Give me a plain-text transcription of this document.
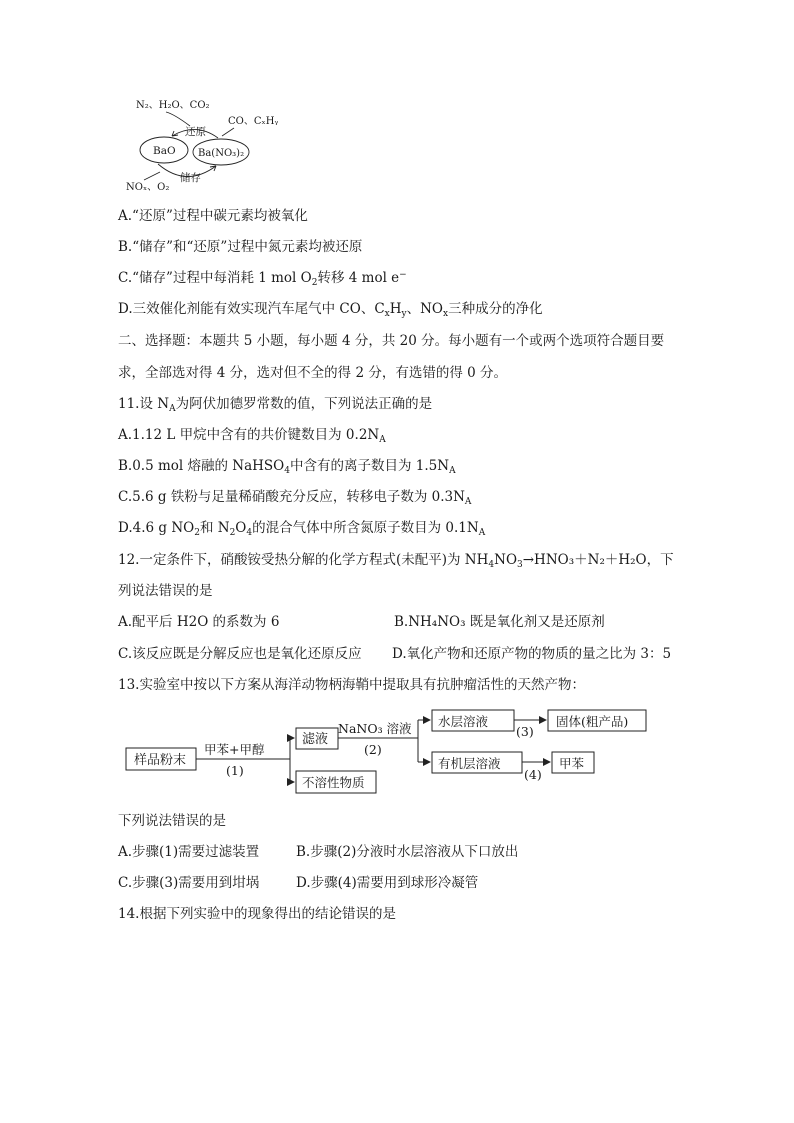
N₂、H₂O、CO₂
还原
CO、CₓHᵧ
BaO Ba(NO₃)₂
储存
NOₓ、O₂
A.“还原”过程中碳元素均被氧化
B.“储存”和“还原”过程中氮元素均被还原
C.“储存”过程中每消耗 1 mol $O_2$转移 4 mol e−
D.三效催化剂能有效实现汽车尾气中 CO、$C_xH_y$、$NO_x$三种成分的净化
二、选择题：本题共 5 小题，每小题 4 分，共 20 分。每小题有一个或两个选项符合题目要
求，全部选对得 4 分，选对但不全的得 2 分，有选错的得 0 分。
11.设 $N_A$为阿伏加德罗常数的值，下列说法正确的是
A.1.12 L 甲烷中含有的共价键数目为 $0.2N_A$
B.0.5 mol 熔融的 NaHSO$_4$中含有的离子数目为 $1.5N_A$
C.5.6 g 铁粉与足量稀硝酸充分反应，转移电子数为 $0.3N_A$
D.4.6 g $NO_2$和 $N_2O_4$的混合气体中所含氮原子数目为 $0.1N_A$
12.一定条件下，硝酸铵受热分解的化学方程式(未配平)为 $NH_4NO_3\to HNO_3+N_2+H_2O$，下
列说法错误的是
A.配平后 H2O 的系数为 6	B.NH₄NO₃ 既是氧化剂又是还原剂
C.该反应既是分解反应也是氧化还原反应 D.氧化产物和还原产物的物质的量之比为 3：5
13.实验室中按以下方案从海洋动物柄海鞘中提取具有抗肿瘤活性的天然产物：
样品粉末
甲苯+甲醇
(1)
滤液
不溶性物质
NaNO₃ 溶液
(2)
水层溶液
有机层溶液
(3)
固体(粗产品)
(4)
甲苯
下列说法错误的是
A.步骤(1)需要过滤装置	B.步骤(2)分液时水层溶液从下口放出
C.步骤(3)需要用到坩埚	D.步骤(4)需要用到球形冷凝管
14.根据下列实验中的现象得出的结论错误的是
